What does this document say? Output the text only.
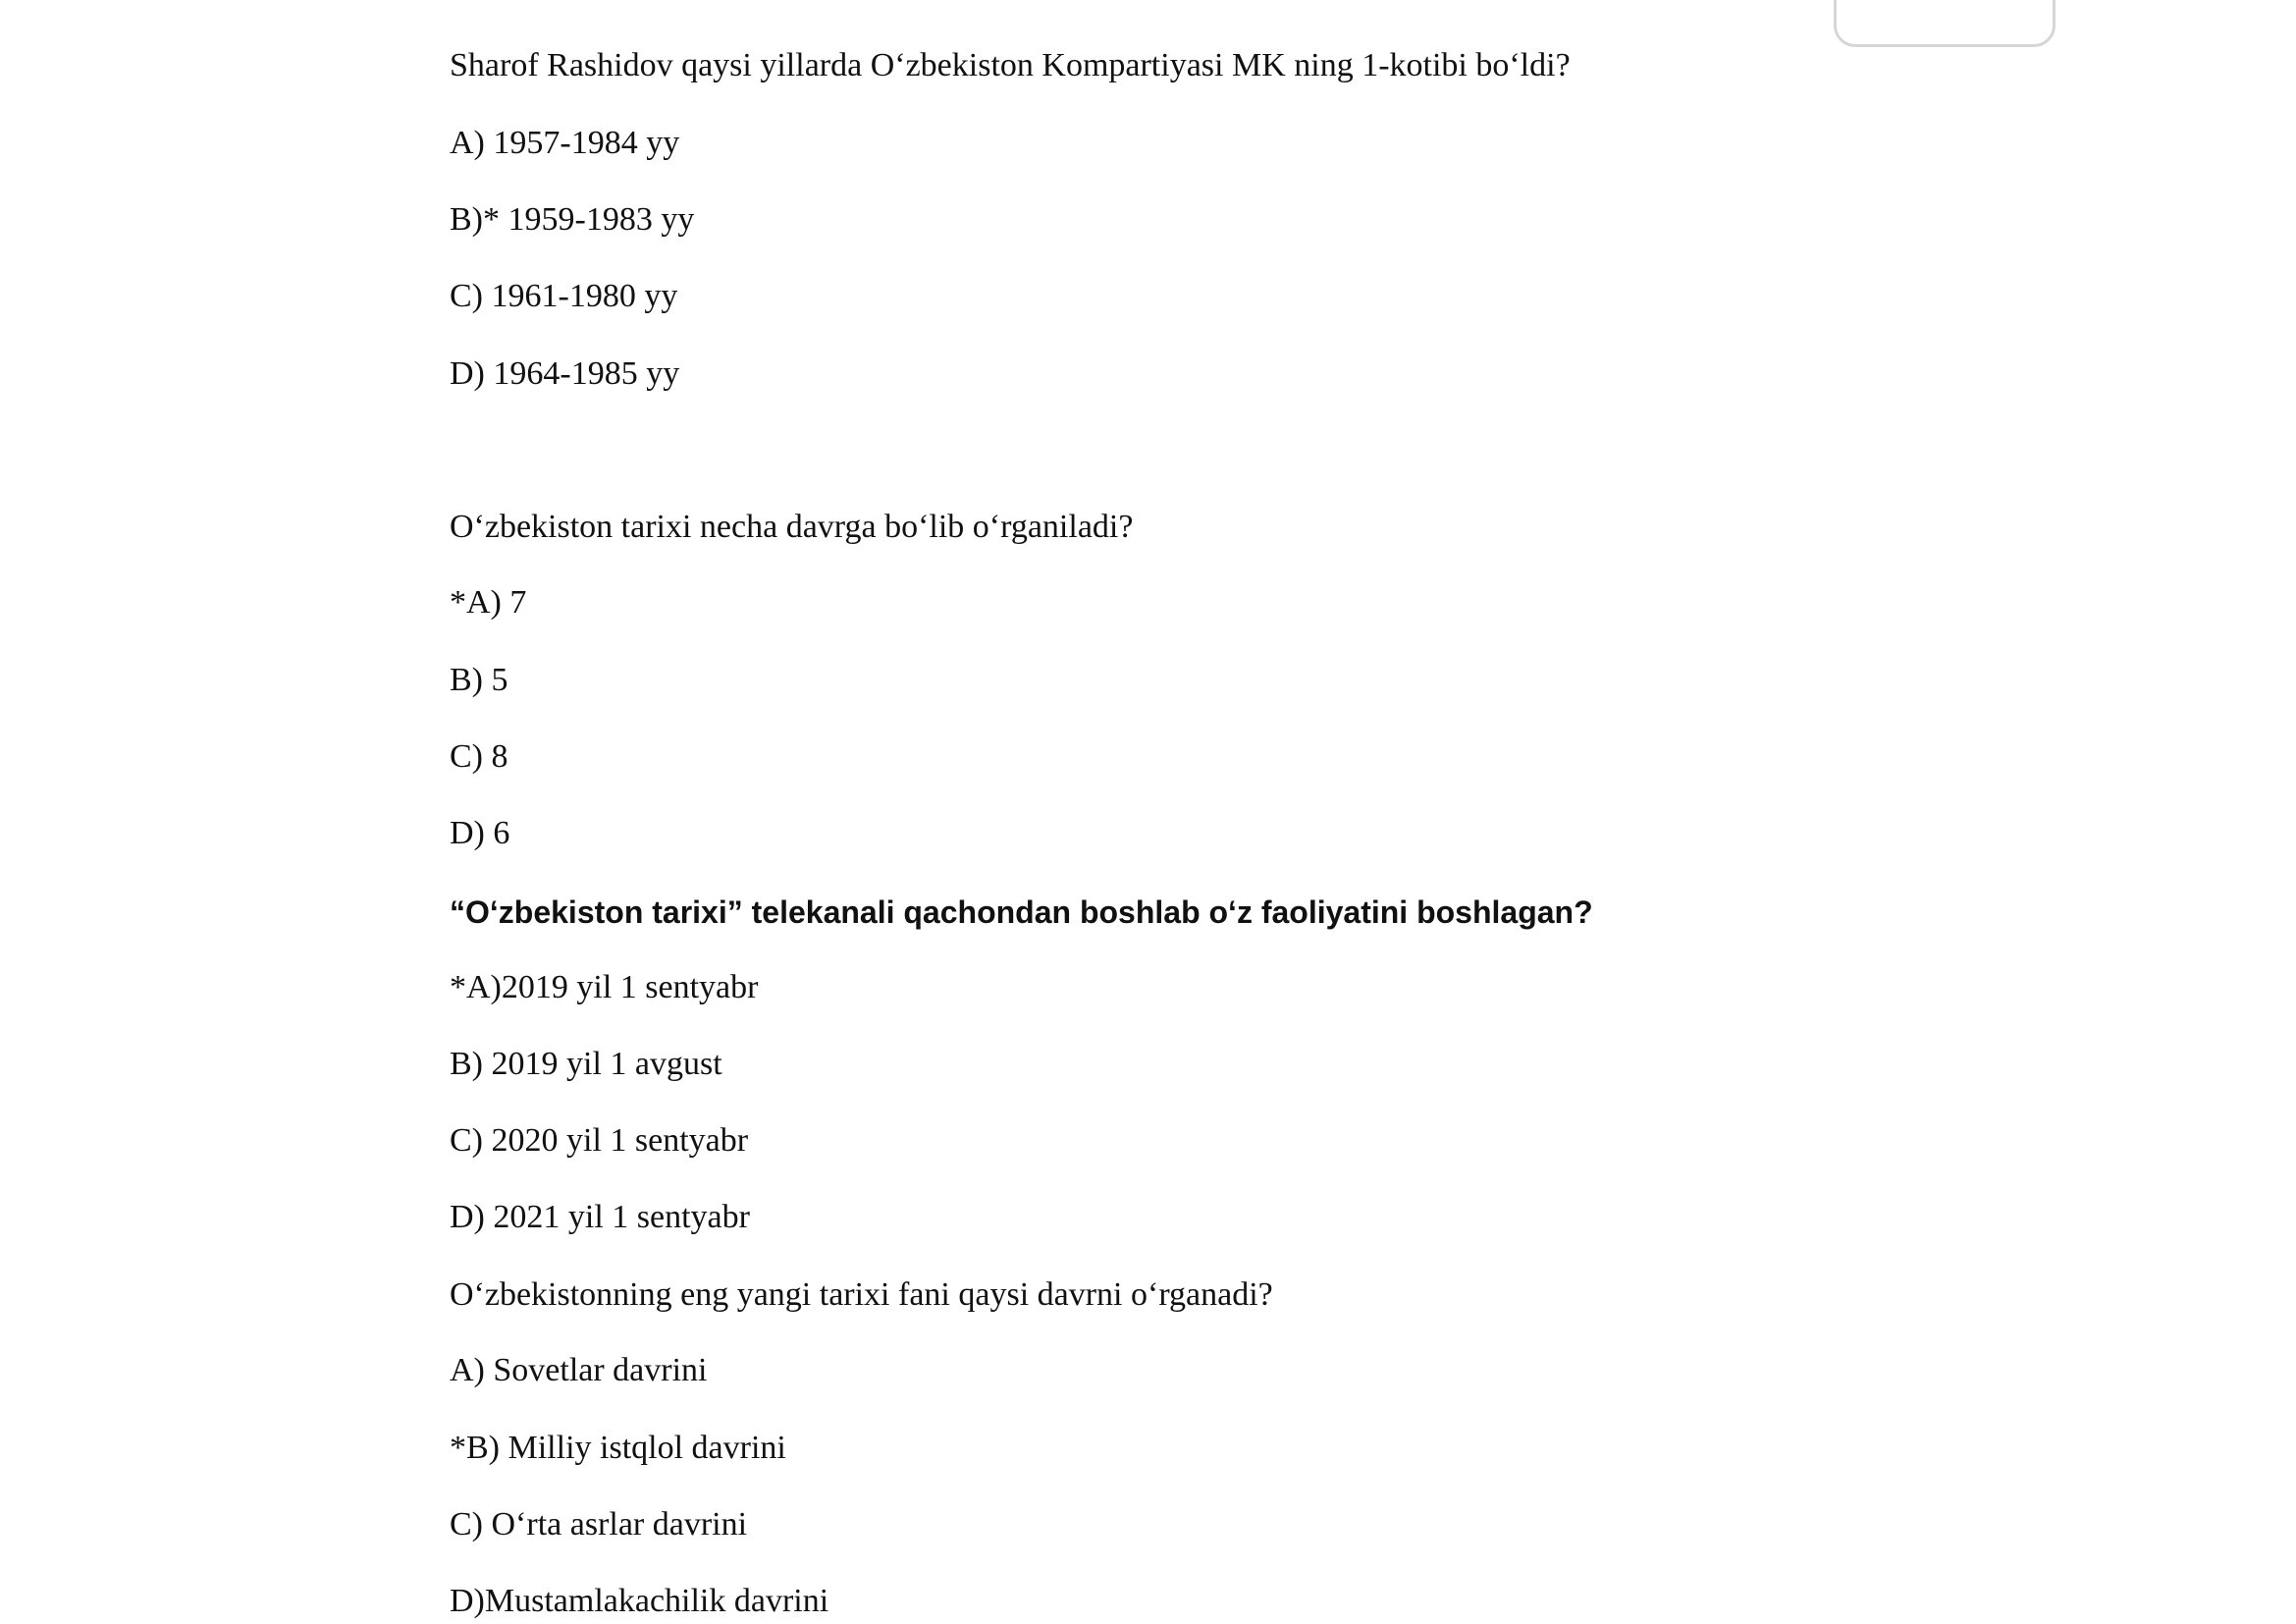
Sharof Rashidov qaysi yillarda O‘zbekiston Kompartiyasi MK ning 1-kotibi bo‘ldi?
A) 1957-1984 yy
B)* 1959-1983 yy
C) 1961-1980 yy
D) 1964-1985 yy
O‘zbekiston tarixi necha davrga bo‘lib o‘rganiladi?
*A) 7
B) 5
C) 8
D) 6
“O‘zbekiston tarixi” telekanali qachondan boshlab o‘z faoliyatini boshlagan?
*A)2019 yil 1 sentyabr
B) 2019 yil 1 avgust
C) 2020 yil 1 sentyabr
D) 2021 yil 1 sentyabr
O‘zbekistonning eng yangi tarixi fani qaysi davrni o‘rganadi?
A) Sovetlar davrini
*B) Milliy istqlol davrini
C) O‘rta asrlar davrini
D)Mustamlakachilik davrini
